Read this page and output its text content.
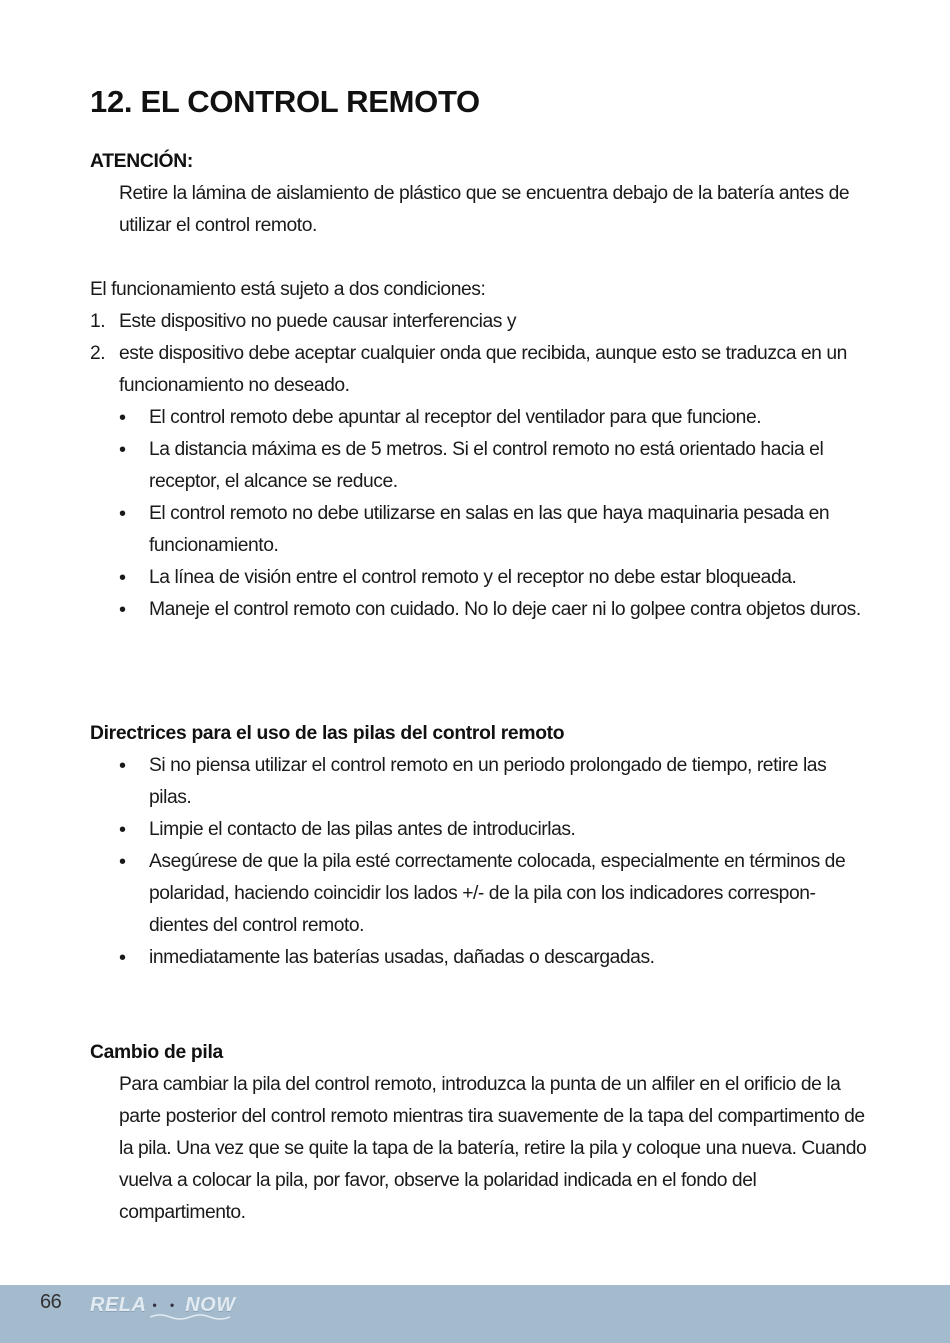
12. EL CONTROL REMOTO
ATENCIÓN:
Retire la lámina de aislamiento de plástico que se encuentra debajo de la batería antes de utilizar el control remoto.
El funcionamiento está sujeto a dos condiciones:
1. Este dispositivo no puede causar interferencias y
2. este dispositivo debe aceptar cualquier onda que recibida, aunque esto se traduzca en un funcionamiento no deseado.
• El control remoto debe apuntar al receptor del ventilador para que funcione.
• La distancia máxima es de 5 metros. Si el control remoto no está orientado hacia el receptor, el alcance se reduce.
• El control remoto no debe utilizarse en salas en las que haya maquinaria pesada en funcionamiento.
• La línea de visión entre el control remoto y el receptor no debe estar bloqueada.
• Maneje el control remoto con cuidado. No lo deje caer ni lo golpee contra objetos duros.
Directrices para el uso de las pilas del control remoto
• Si no piensa utilizar el control remoto en un periodo prolongado de tiempo, retire las pilas.
• Limpie el contacto de las pilas antes de introducirlas.
• Asegúrese de que la pila esté correctamente colocada, especialmente en términos de polaridad, haciendo coincidir los lados +/- de la pila con los indicadores correspon-dientes del control remoto.
• inmediatamente las baterías usadas, dañadas o descargadas.
Cambio de pila
Para cambiar la pila del control remoto, introduzca la punta de un alfiler en el orificio de la parte posterior del control remoto mientras tira suavemente de la tapa del compartimento de la pila. Una vez que se quite la tapa de la batería, retire la pila y coloque una nueva. Cuando vuelva a colocar la pila, por favor, observe la polaridad indicada en el fondo del compartimento.
66 RELA • • NOW
